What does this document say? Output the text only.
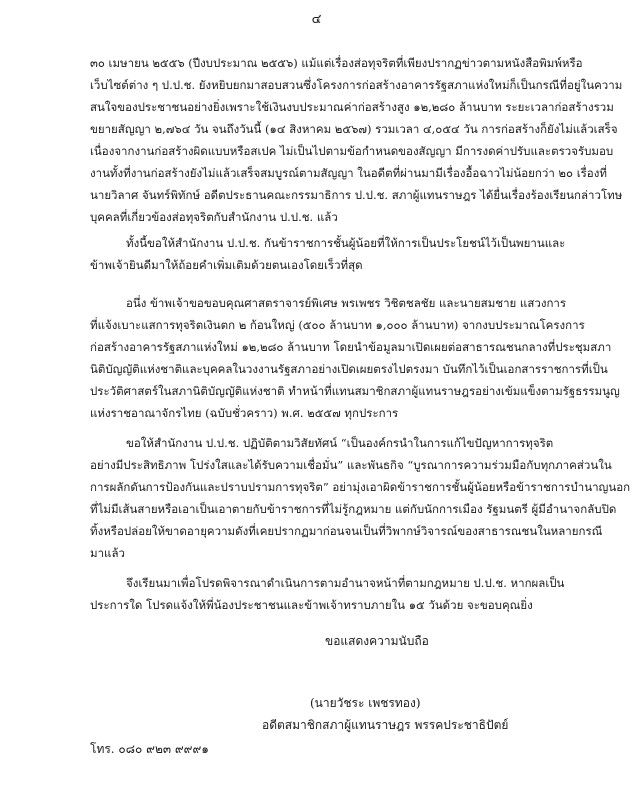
๔

๓๐ เมษายน ๒๕๕๖ (ปีงบประมาณ ๒๕๕๖) แม้แต่เรื่องส่อทุจริตที่เพียงปรากฏข่าวตามหนังสือพิมพ์หรือ
เว็บไซต์ต่าง ๆ ป.ป.ช. ยังหยิบยกมาสอบสวนซึ่งโครงการก่อสร้างอาคารรัฐสภาแห่งใหม่ก็เป็นกรณีที่อยู่ในความ
สนใจของประชาชนอย่างยิ่งเพราะใช้เงินงบประมาณค่าก่อสร้างสูง ๑๒,๒๘๐ ล้านบาท ระยะเวลาก่อสร้างรวม
ขยายสัญญา ๒,๗๖๔ วัน จนถึงวันนี้ (๑๔ สิงหาคม ๒๕๖๗) รวมเวลา ๔,๐๕๔ วัน การก่อสร้างก็ยังไม่แล้วเสร็จ
เนื่องจากงานก่อสร้างผิดแบบหรือสเปค ไม่เป็นไปตามข้อกำหนดของสัญญา มีการงดค่าปรับและตรวจรับมอบ
งานทั้งที่งานก่อสร้างยังไม่แล้วเสร็จสมบูรณ์ตามสัญญา ในอดีตที่ผ่านมามีเรื่องอื้อฉาวไม่น้อยกว่า ๒๐ เรื่องที่
นายวิลาศ จันทร์พิทักษ์ อดีตประธานคณะกรรมาธิการ ป.ป.ช. สภาผู้แทนราษฎร ได้ยื่นเรื่องร้องเรียนกล่าวโทษ
บุคคลที่เกี่ยวข้องส่อทุจริตกับสำนักงาน ป.ป.ช. แล้ว

ทั้งนี้ขอให้สำนักงาน ป.ป.ช. กันข้าราชการชั้นผู้น้อยที่ให้การเป็นประโยชน์ไว้เป็นพยานและ
ข้าพเจ้ายินดีมาให้ถ้อยคำเพิ่มเติมด้วยตนเองโดยเร็วที่สุด

อนึ่ง ข้าพเจ้าขอขอบคุณศาสตราจารย์พิเศษ พรเพชร วิชิตชลชัย และนายสมชาย แสวงการ
ที่แจ้งเบาะแสการทุจริตเงินตก ๒ ก้อนใหญ่ (๕๐๐ ล้านบาท ๑,๐๐๐ ล้านบาท) จากงบประมาณโครงการ
ก่อสร้างอาคารรัฐสภาแห่งใหม่ ๑๒,๒๘๐ ล้านบาท โดยนำข้อมูลมาเปิดเผยต่อสาธารณชนกลางที่ประชุมสภา
นิติบัญญัติแห่งชาติและบุคคลในวงงานรัฐสภาอย่างเปิดเผยตรงไปตรงมา บันทึกไว้เป็นเอกสารราชการที่เป็น
ประวัติศาสตร์ในสภานิติบัญญัติแห่งชาติ ทำหน้าที่แทนสมาชิกสภาผู้แทนราษฎรอย่างเข้มแข็งตามรัฐธรรมนูญ
แห่งราชอาณาจักรไทย (ฉบับชั่วคราว) พ.ศ. ๒๕๕๗ ทุกประการ

ขอให้สำนักงาน ป.ป.ช. ปฏิบัติตามวิสัยทัศน์ “เป็นองค์กรนำในการแก้ไขปัญหาการทุจริต
อย่างมีประสิทธิภาพ โปร่งใสและได้รับความเชื่อมั่น” และพันธกิจ “บูรณาการความร่วมมือกับทุกภาคส่วนใน
การผลักดันการป้องกันและปราบปรามการทุจริต” อย่ามุ่งเอาผิดข้าราชการชั้นผู้น้อยหรือข้าราชการบำนาญนอก
ที่ไม่มีเส้นสายหรือเอาเป็นเอาตายกับข้าราชการที่ไม่รู้กฎหมาย แต่กับนักการเมือง รัฐมนตรี ผู้มีอำนาจกลับปิด
ทิ้งหรือปล่อยให้ขาดอายุความดังที่เคยปรากฏมาก่อนจนเป็นที่วิพากษ์วิจารณ์ของสาธารณชนในหลายกรณี
มาแล้ว

จึงเรียนมาเพื่อโปรดพิจารณาดำเนินการตามอำนาจหน้าที่ตามกฎหมาย ป.ป.ช. หากผลเป็น
ประการใด โปรดแจ้งให้พี่น้องประชาชนและข้าพเจ้าทราบภายใน ๑๕ วันด้วย จะขอบคุณยิ่ง

ขอแสดงความนับถือ
(นายวัชระ เพชรทอง)
อดีตสมาชิกสภาผู้แทนราษฎร พรรคประชาธิปัตย์
โทร. ๐๘๐ ๙๒๓ ๙๙๙๑
